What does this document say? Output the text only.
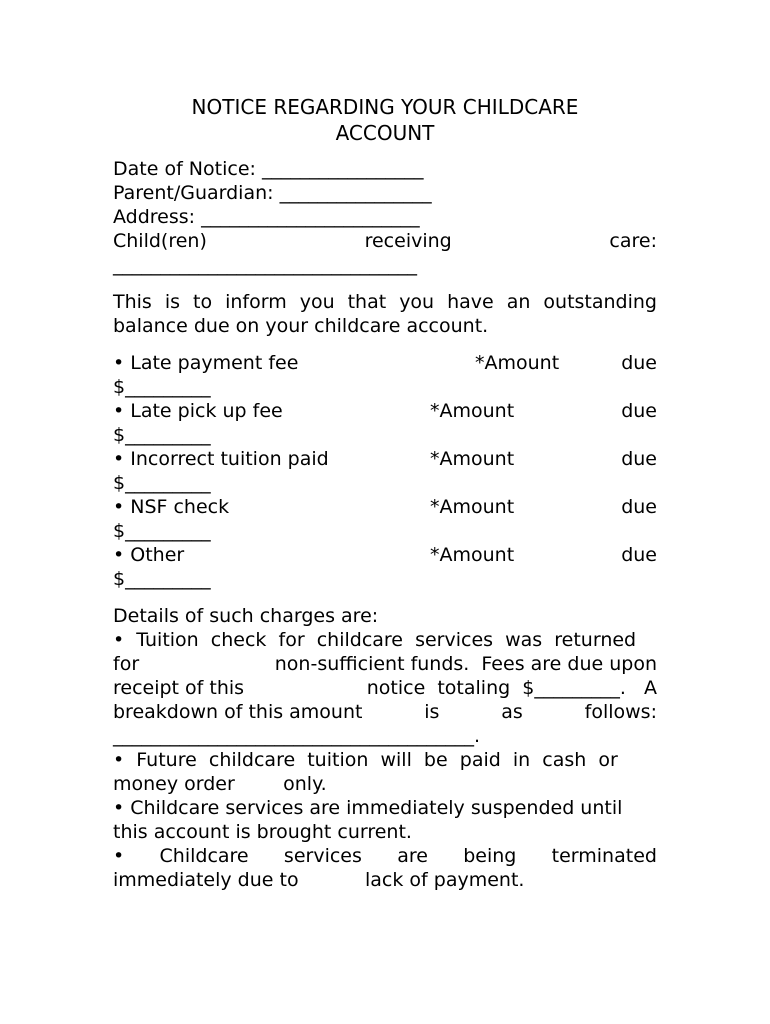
NOTICE REGARDING YOUR CHILDCARE
ACCOUNT
Date of Notice: _________________
Parent/Guardian: ________________
Address: _______________________
Child(ren)	receiving	care:
________________________________
This is to inform you that you have an outstanding balance due on your childcare account.
• Late payment fee	*Amount	due
$_________
• Late pick up fee	*Amount	due
$_________
• Incorrect tuition paid	*Amount	due
$_________
• NSF check	*Amount	due
$_________
• Other	*Amount	due
$_________
Details of such charges are:
•  Tuition  check  for  childcare  services  was  returned
for	non-sufficient funds.  Fees are due upon
receipt of this	notice  totaling  $_________.   A
breakdown of this amount	is	as	follows:
______________________________________.
•  Future  childcare  tuition  will  be  paid  in  cash  or
money order        only.
• Childcare services are immediately suspended until
this account is brought current.
• Childcare services are being terminated
immediately due to           lack of payment.
